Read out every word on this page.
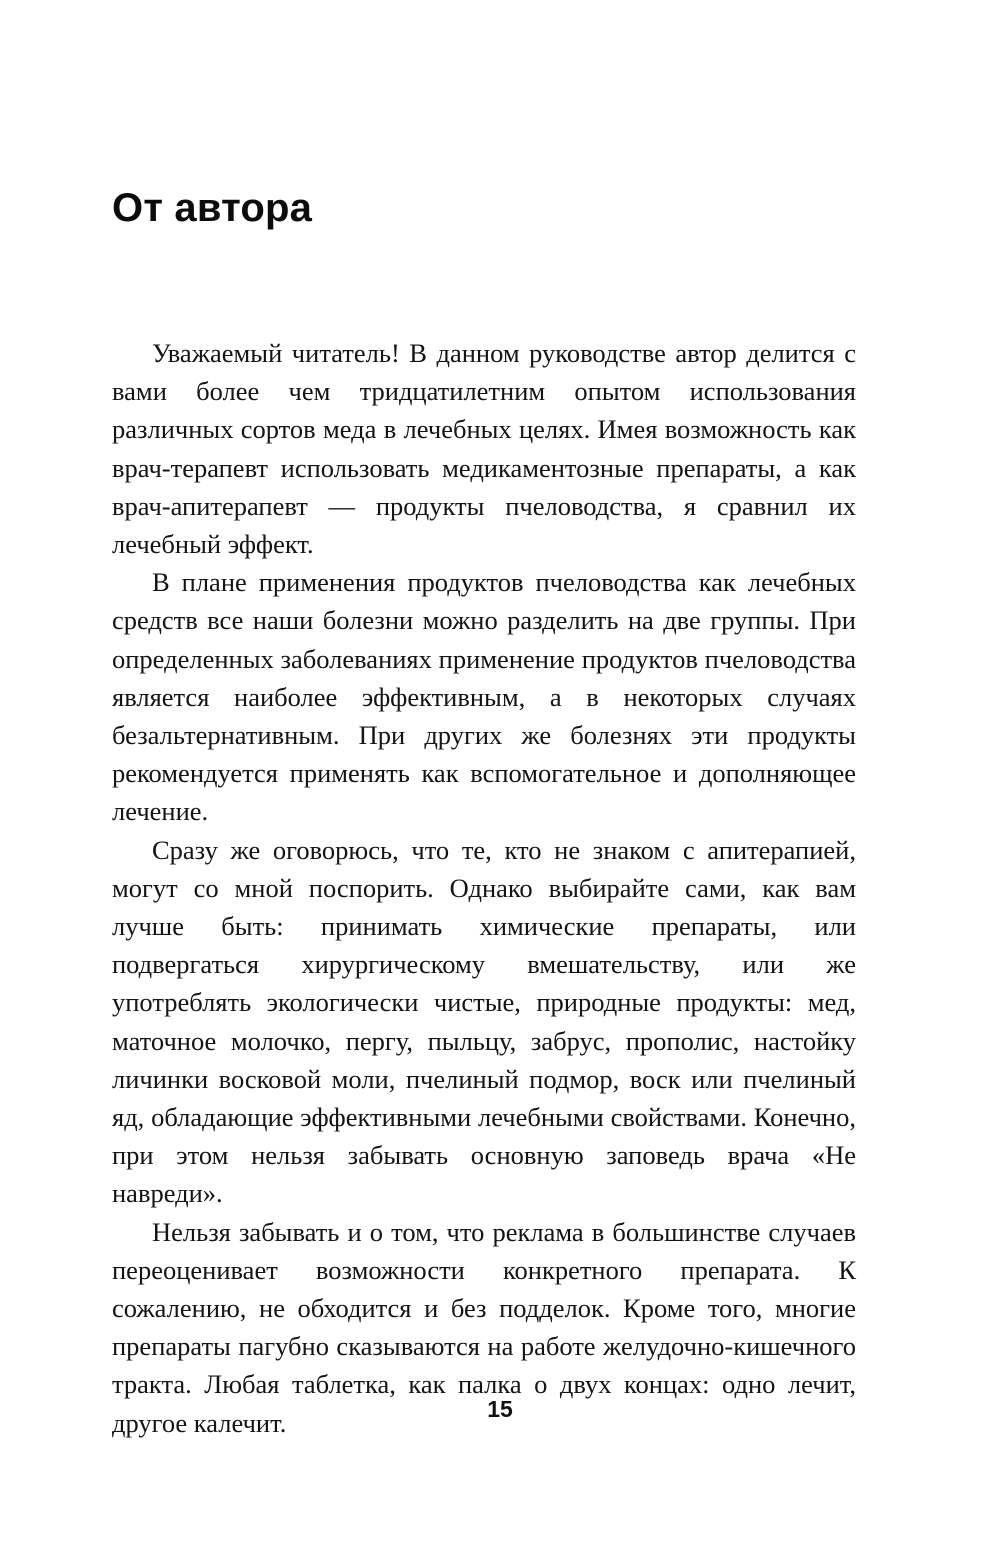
От автора

Уважаемый читатель! В данном руководстве автор делится с вами более чем тридцатилетним опытом использования различных сортов меда в лечебных целях. Имея возможность как врач-терапевт использовать медикаментозные препараты, а как врач-апитерапевт — продукты пчеловодства, я сравнил их лечебный эффект.

В плане применения продуктов пчеловодства как лечебных средств все наши болезни можно разделить на две группы. При определенных заболеваниях применение продуктов пчеловодства является наиболее эффективным, а в некоторых случаях безальтернативным. При других же болезнях эти продукты рекомендуется применять как вспомогательное и дополняющее лечение.

Сразу же оговорюсь, что те, кто не знаком с апитерапией, могут со мной поспорить. Однако выбирайте сами, как вам лучше быть: принимать химические препараты, или подвергаться хирургическому вмешательству, или же употреблять экологически чистые, природные продукты: мед, маточное молочко, пергу, пыльцу, забрус, прополис, настойку личинки восковой моли, пчелиный подмор, воск или пчелиный яд, обладающие эффективными лечебными свойствами. Конечно, при этом нельзя забывать основную заповедь врача «Не навреди».

Нельзя забывать и о том, что реклама в большинстве случаев переоценивает возможности конкретного препарата. К сожалению, не обходится и без подделок. Кроме того, многие препараты пагубно сказываются на работе желудочно-кишечного тракта. Любая таблетка, как палка о двух концах: одно лечит, другое калечит.	15
